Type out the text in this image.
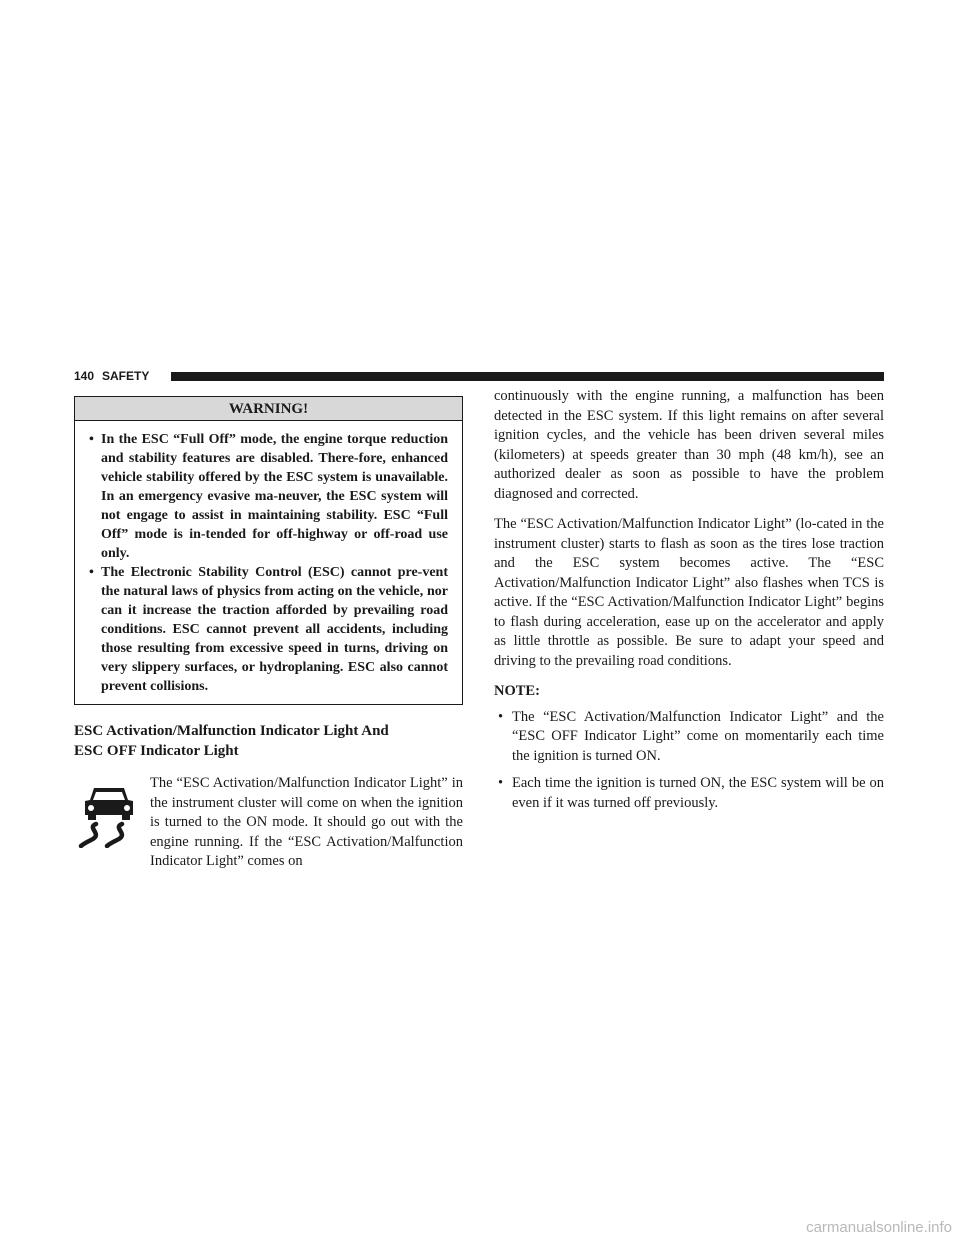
140 SAFETY
WARNING!
• In the ESC “Full Off” mode, the engine torque reduction and stability features are disabled. There-fore, enhanced vehicle stability offered by the ESC system is unavailable. In an emergency evasive ma-neuver, the ESC system will not engage to assist in maintaining stability. ESC “Full Off” mode is in-tended for off-highway or off-road use only.
• The Electronic Stability Control (ESC) cannot pre-vent the natural laws of physics from acting on the vehicle, nor can it increase the traction afforded by prevailing road conditions. ESC cannot prevent all accidents, including those resulting from excessive speed in turns, driving on very slippery surfaces, or hydroplaning. ESC also cannot prevent collisions.
ESC Activation/Malfunction Indicator Light And
ESC OFF Indicator Light
The “ESC Activation/Malfunction Indicator Light” in the instrument cluster will come on when the ignition is turned to the ON mode. It should go out with the engine running. If the “ESC Activation/Malfunction Indicator Light” comes on

continuously with the engine running, a malfunction has been detected in the ESC system. If this light remains on after several ignition cycles, and the vehicle has been driven several miles (kilometers) at speeds greater than 30 mph (48 km/h), see an authorized dealer as soon as possible to have the problem diagnosed and corrected.

The “ESC Activation/Malfunction Indicator Light” (lo-cated in the instrument cluster) starts to flash as soon as the tires lose traction and the ESC system becomes active. The “ESC Activation/Malfunction Indicator Light” also flashes when TCS is active. If the “ESC Activation/Malfunction Indicator Light” begins to flash during acceleration, ease up on the accelerator and apply as little throttle as possible. Be sure to adapt your speed and driving to the prevailing road conditions.

NOTE:
• The “ESC Activation/Malfunction Indicator Light” and the “ESC OFF Indicator Light” come on momentarily each time the ignition is turned ON.
• Each time the ignition is turned ON, the ESC system will be on even if it was turned off previously.
carmanualsonline.info
